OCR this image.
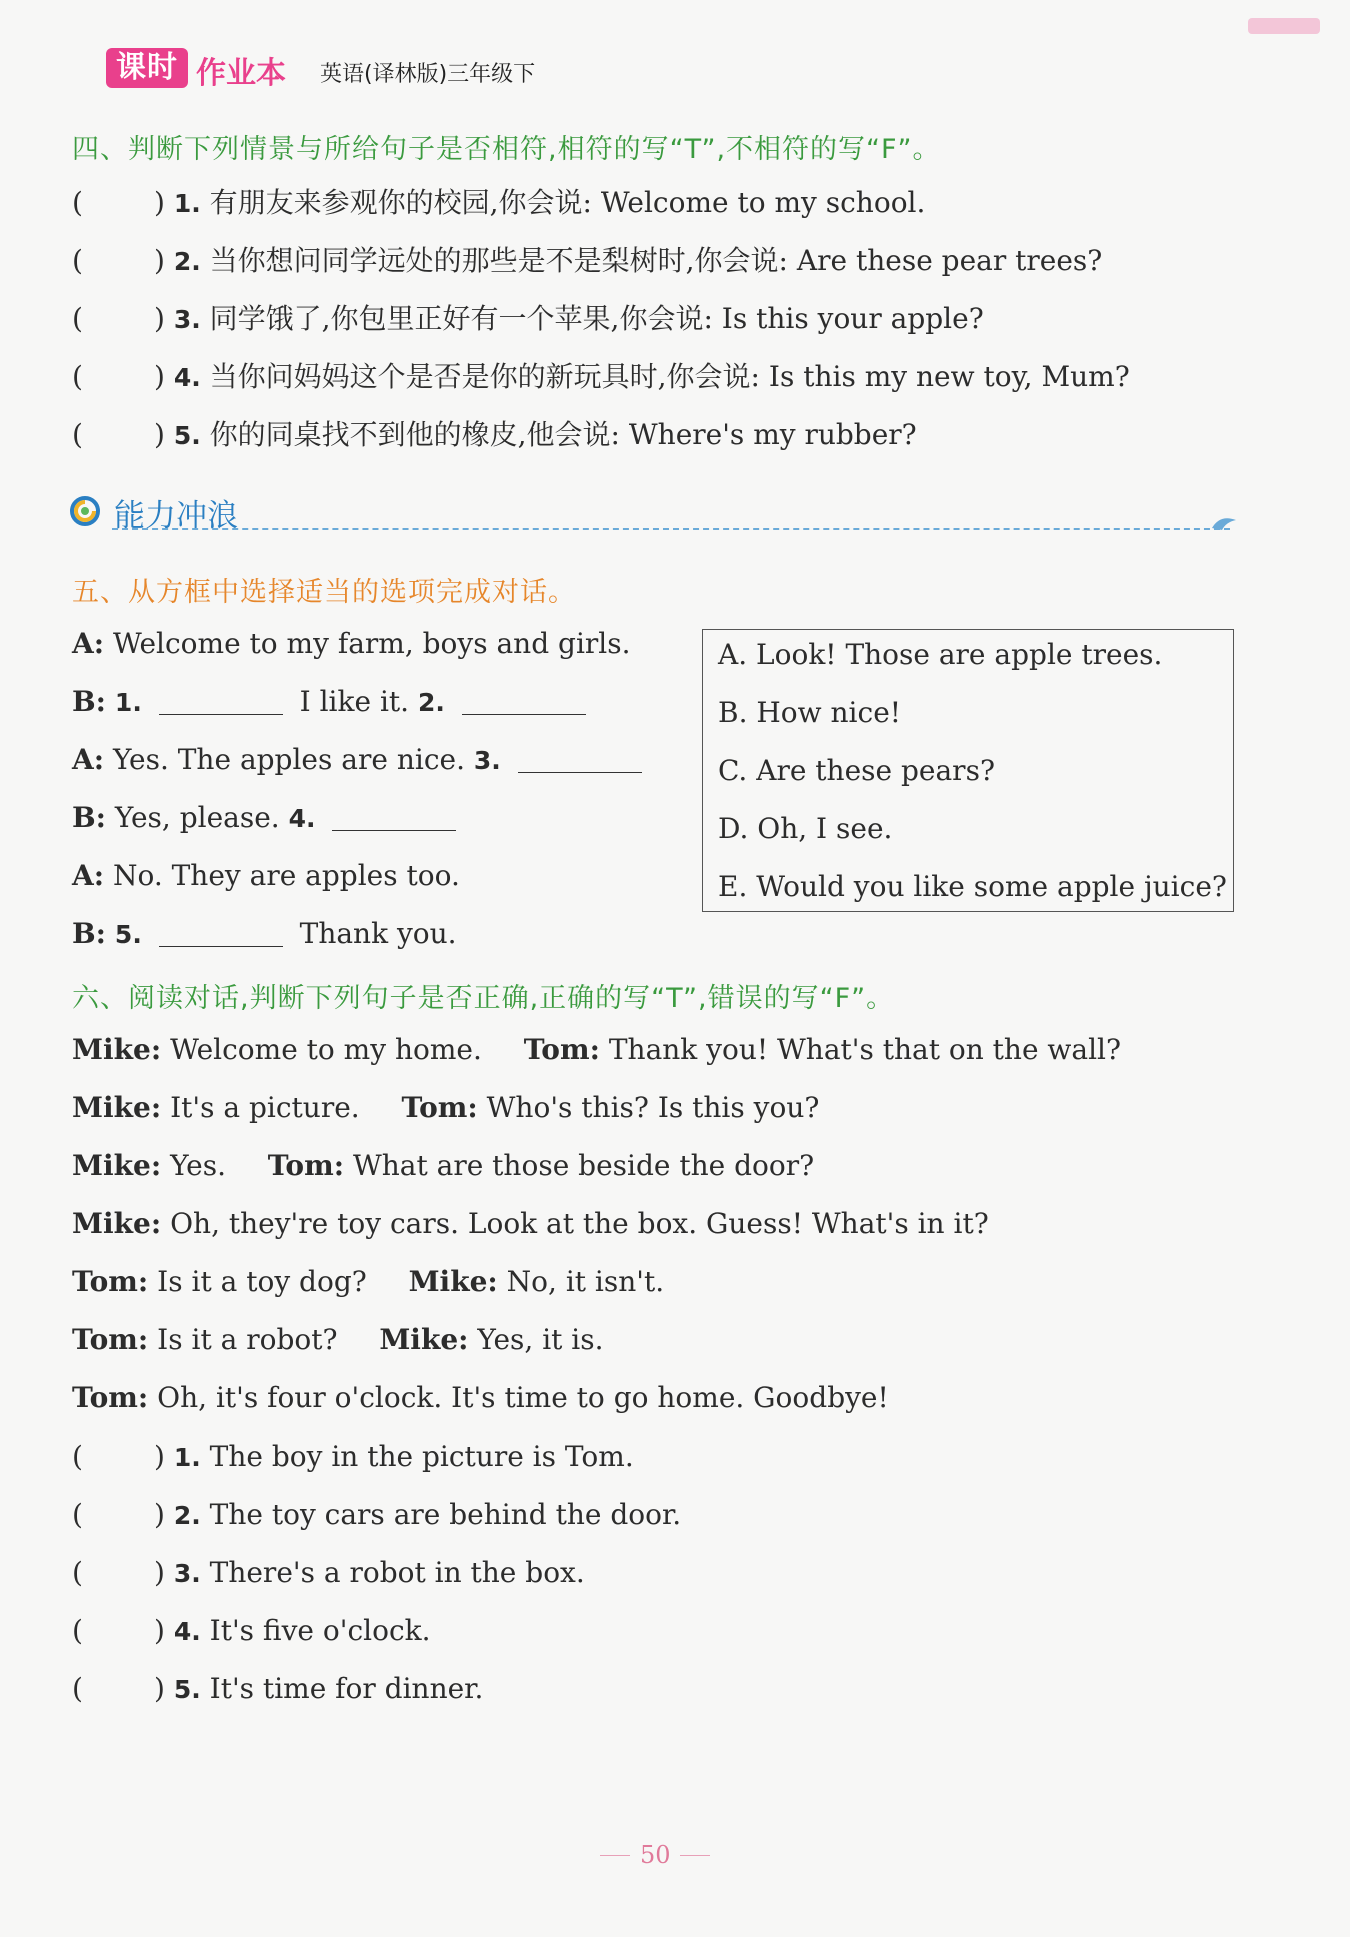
课时 作业本 英语(译林版)三年级下
四、判断下列情景与所给句子是否相符,相符的写“T”,不相符的写“F”。
(	) 1. 有朋友来参观你的校园,你会说: Welcome to my school.
(	) 2. 当你想问同学远处的那些是不是梨树时,你会说: Are these pear trees?
(	) 3. 同学饿了,你包里正好有一个苹果,你会说: Is this your apple?
(	) 4. 当你问妈妈这个是否是你的新玩具时,你会说: Is this my new toy, Mum?
(	) 5. 你的同桌找不到他的橡皮,他会说: Where's my rubber?
能力冲浪
五、从方框中选择适当的选项完成对话。
A: Welcome to my farm, boys and girls.
B: 1.	I like it. 2.
A: Yes. The apples are nice. 3.
B: Yes, please. 4.
A: No. They are apples too.
B: 5.	Thank you.
A. Look! Those are apple trees.
B. How nice!
C. Are these pears?
D. Oh, I see.
E. Would you like some apple juice?
六、阅读对话,判断下列句子是否正确,正确的写“T”,错误的写“F”。
Mike: Welcome to my home. Tom: Thank you! What's that on the wall?
Mike: It's a picture. Tom: Who's this? Is this you?
Mike: Yes. Tom: What are those beside the door?
Mike: Oh, they're toy cars. Look at the box. Guess! What's in it?
Tom: Is it a toy dog? Mike: No, it isn't.
Tom: Is it a robot? Mike: Yes, it is.
Tom: Oh, it's four o'clock. It's time to go home. Goodbye!
(	) 1. The boy in the picture is Tom.
(	) 2. The toy cars are behind the door.
(	) 3. There's a robot in the box.
(	) 4. It's five o'clock.
(	) 5. It's time for dinner.
50
